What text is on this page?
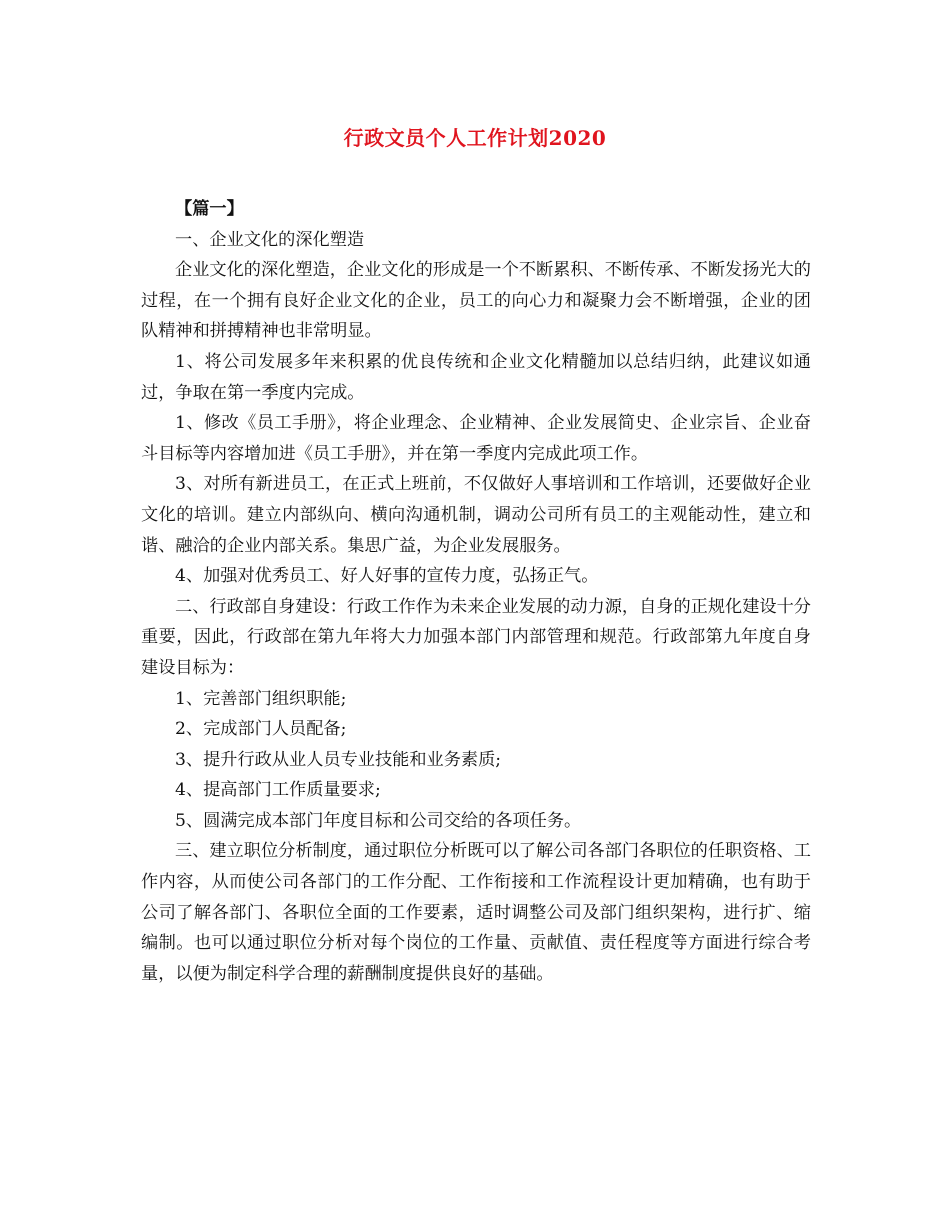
行政文员个人工作计划2020

【篇一】

一、企业文化的深化塑造

企业文化的深化塑造，企业文化的形成是一个不断累积、不断传承、不断发扬光大的过程，在一个拥有良好企业文化的企业，员工的向心力和凝聚力会不断增强，企业的团队精神和拼搏精神也非常明显。

1、将公司发展多年来积累的优良传统和企业文化精髓加以总结归纳，此建议如通过，争取在第一季度内完成。

1、修改《员工手册》，将企业理念、企业精神、企业发展简史、企业宗旨、企业奋斗目标等内容增加进《员工手册》，并在第一季度内完成此项工作。

3、对所有新进员工，在正式上班前，不仅做好人事培训和工作培训，还要做好企业文化的培训。建立内部纵向、横向沟通机制，调动公司所有员工的主观能动性，建立和谐、融洽的企业内部关系。集思广益，为企业发展服务。

4、加强对优秀员工、好人好事的宣传力度，弘扬正气。

二、行政部自身建设：行政工作作为未来企业发展的动力源，自身的正规化建设十分重要，因此，行政部在第九年将大力加强本部门内部管理和规范。行政部第九年度自身建设目标为：

1、完善部门组织职能;

2、完成部门人员配备;

3、提升行政从业人员专业技能和业务素质;

4、提高部门工作质量要求;

5、圆满完成本部门年度目标和公司交给的各项任务。

三、建立职位分析制度，通过职位分析既可以了解公司各部门各职位的任职资格、工作内容，从而使公司各部门的工作分配、工作衔接和工作流程设计更加精确，也有助于公司了解各部门、各职位全面的工作要素，适时调整公司及部门组织架构，进行扩、缩编制。也可以通过职位分析对每个岗位的工作量、贡献值、责任程度等方面进行综合考量，以便为制定科学合理的薪酬制度提供良好的基础。
